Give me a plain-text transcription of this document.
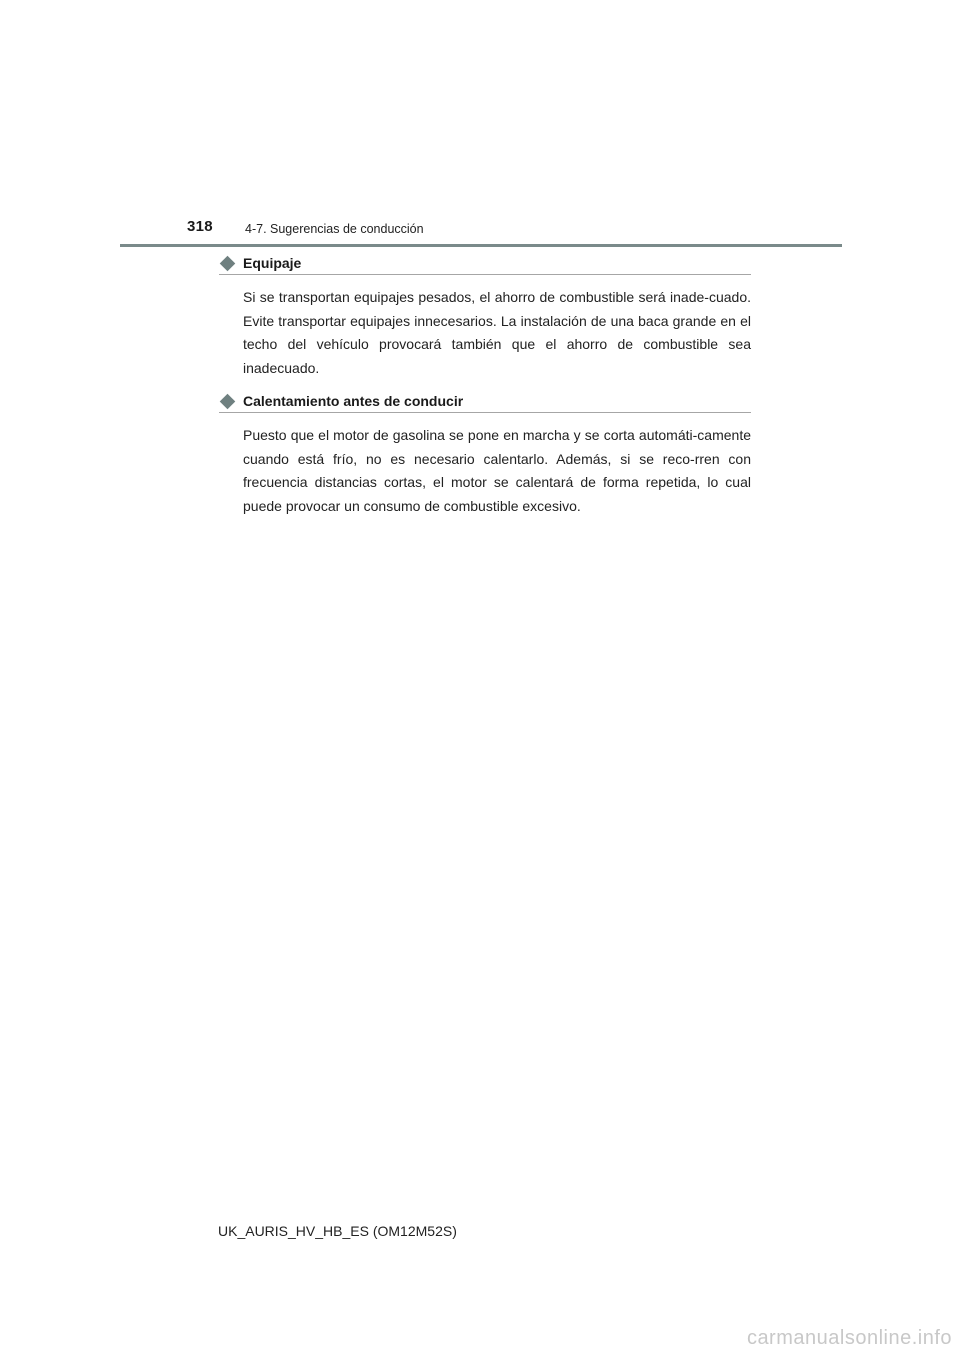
318	4-7. Sugerencias de conducción
Equipaje

Si se transportan equipajes pesados, el ahorro de combustible será inade-cuado. Evite transportar equipajes innecesarios. La instalación de una baca grande en el techo del vehículo provocará también que el ahorro de combustible sea inadecuado.

Calentamiento antes de conducir

Puesto que el motor de gasolina se pone en marcha y se corta automáti-camente cuando está frío, no es necesario calentarlo. Además, si se reco-rren con frecuencia distancias cortas, el motor se calentará de forma repetida, lo cual puede provocar un consumo de combustible excesivo.

UK_AURIS_HV_HB_ES (OM12M52S)
carmanualsonline.info
